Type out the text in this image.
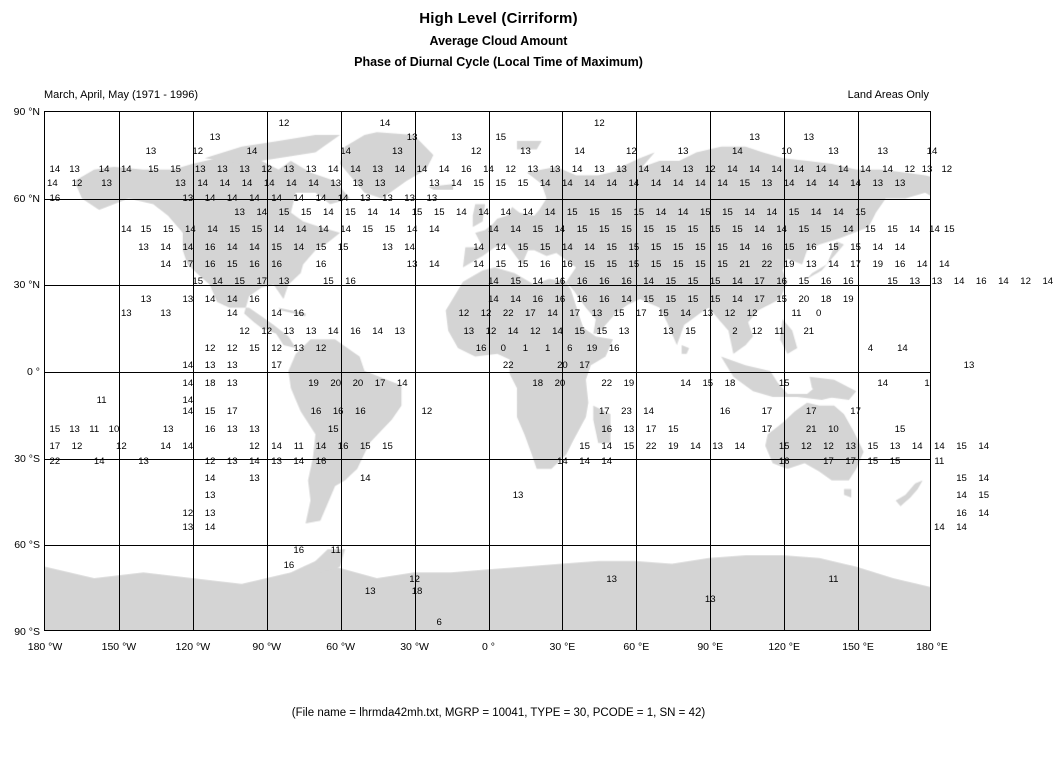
High Level (Cirriform)
Average Cloud Amount
Phase of Diurnal Cycle (Local Time of Maximum)
March, April, May (1971 - 1996)	Land Areas Only
180 °W	150 °W	120 °W	90 °W	60 °W	30 °W	0 °	30 °E	60 °E	90 °E	120 °E	150 °E	180 °E
90 °N
60 °N
30 °N
0 °
30 °S
60 °S
90 °S
12	14	12
13	13	13	15	13	13
13	12	14	14	13	12	13	14	12	13	14	10	13	13	14
14 13 14 14 15 15 13 13 13 12 13 13 14 14 13 14 14 14 16 14 12 13 13 14 13 13 14 14 13 12 14 14 14 14 14 14 14 14 12 13 12
14 12 13	13 14 14 14 14 14 14 13 13 13	13 14 15 15 15 14 14 14 14 14 14 14 14 14 15 13 14 14 14 14 13 13
16	13 14 14 14 14 14 14 14 13 13 13 13
13 14 15 15 14 15 14 14 15 15 14 14 14 14 14 15 15 15 15 14 14 15 15 14 14 15 14 14 15
14 15 15 14 14 15 15 14 14 14 14 15 15 14 14	14 14 15 14 15 15 15 15 15 15 15 15 14 14 15 15 14 15 15 14 14 15
13 14 14 16 14 14 15 14 15 15	13 14	14 14 15 15 14 14 15 15 15 15 15 15 14 16 15 16 15 15 14 14
14 17 16 15 16 16	16	13 14	14 15 15 16 16 15 15 15 15 15 15 15 21 22 19 13 14 17 19 16 14 14
15 14 15 17 13	15 16	14 15 14 16 16 16 16 14 15 15 15 14 17 16 15 16 16	15 13 13 14 16 14 12 14
13	13 14 14 16
13	13	14	14 16
12 12 13 13 14 16 14 13
12 12 15 12 13 12
14 13 13	17
14 14 16 16 16 16 14 15 15 15 15 14 17 15 20 18 19
12 12 22 17 14 17 13 15 17 15 14 13 12 12	11 0
13 12 14 12 14 15 15 13	13 15	2 12 11 21
16 0 1 1 6 19 16	4	14
22	20 17	13
14 18 13	19 20 20 17 14	18 20	22 19	14 15 18	15	14	1
11	14
14 15 17	16 16 16	12	17 23 14	16	17	17	17
15 13 11 10	13	16 13 13	15	16 13 17 15	17	21 10	15
17 12	12	14 14	12 14 11 14 16 15 15	15 14 15 22 19 14 13 14	15 12 12 13 15 13 14 14 15 14
22	14	13	12 13 14 13 14 16	14 14 14	16	17 17 15 15	11
14	13	14	15 14
13	13	14 15
12 13	16 14
13 14	14 14
16	11
16
12	13	11
13	18
13
6
(File name = lhrmda42mh.txt, MGRP = 10041, TYPE = 30, PCODE = 1, SN = 42)
